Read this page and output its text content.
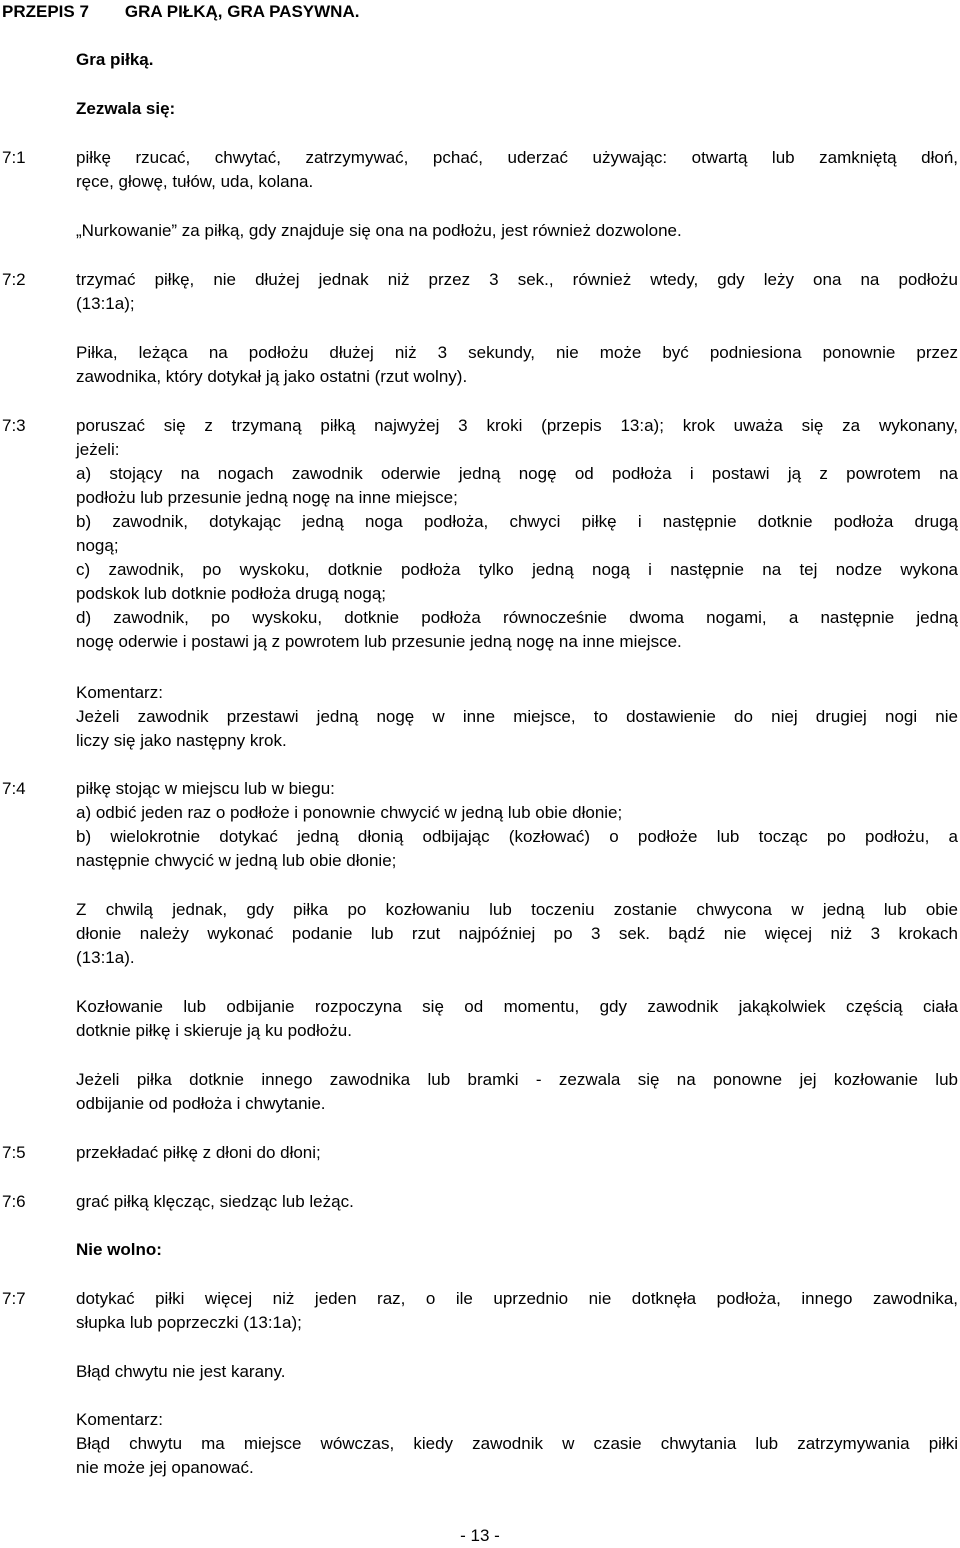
PRZEPIS 7 GRA PIŁKĄ, GRA PASYWNA.
Gra piłką.
Zezwala się:
7:1	piłkę rzucać, chwytać, zatrzymywać, pchać, uderzać używając: otwartą lub zamkniętą dłoń,
ręce, głowę, tułów, uda, kolana.
„Nurkowanie” za piłką, gdy znajduje się ona na podłożu, jest również dozwolone.
7:2	trzymać piłkę, nie dłużej jednak niż przez 3 sek., również wtedy, gdy leży ona na podłożu
(13:1a);
Piłka, leżąca na podłożu dłużej niż 3 sekundy, nie może być podniesiona ponownie przez
zawodnika, który dotykał ją jako ostatni (rzut wolny).
7:3	poruszać się z trzymaną piłką najwyżej 3 kroki (przepis 13:a); krok uważa się za wykonany,
jeżeli:
a) stojący na nogach zawodnik oderwie jedną nogę od podłoża i postawi ją z powrotem na
podłożu lub przesunie jedną nogę na inne miejsce;
b) zawodnik, dotykając jedną noga podłoża, chwyci piłkę i następnie dotknie podłoża drugą
nogą;
c) zawodnik, po wyskoku, dotknie podłoża tylko jedną nogą i następnie na tej nodze wykona
podskok lub dotknie podłoża drugą nogą;
d) zawodnik, po wyskoku, dotknie podłoża równocześnie dwoma nogami, a następnie jedną
nogę oderwie i postawi ją z powrotem lub przesunie jedną nogę na inne miejsce.
Komentarz:
Jeżeli zawodnik przestawi jedną nogę w inne miejsce, to dostawienie do niej drugiej nogi nie
liczy się jako następny krok.
7:4	piłkę stojąc w miejscu lub w biegu:
a) odbić jeden raz o podłoże i ponownie chwycić w jedną lub obie dłonie;
b) wielokrotnie dotykać jedną dłonią odbijając (kozłować) o podłoże lub tocząc po podłożu, a
następnie chwycić w jedną lub obie dłonie;
Z chwilą jednak, gdy piłka po kozłowaniu lub toczeniu zostanie chwycona w jedną lub obie
dłonie należy wykonać podanie lub rzut najpóźniej po 3 sek. bądź nie więcej niż 3 krokach
(13:1a).
Kozłowanie lub odbijanie rozpoczyna się od momentu, gdy zawodnik jakąkolwiek częścią ciała
dotknie piłkę i skieruje ją ku podłożu.
Jeżeli piłka dotknie innego zawodnika lub bramki - zezwala się na ponowne jej kozłowanie lub
odbijanie od podłoża i chwytanie.
7:5	przekładać piłkę z dłoni do dłoni;
7:6	grać piłką klęcząc, siedząc lub leżąc.
Nie wolno:
7:7	dotykać piłki więcej niż jeden raz, o ile uprzednio nie dotknęła podłoża, innego zawodnika,
słupka lub poprzeczki (13:1a);
Błąd chwytu nie jest karany.
Komentarz:
Błąd chwytu ma miejsce wówczas, kiedy zawodnik w czasie chwytania lub zatrzymywania piłki
nie może jej opanować.
- 13 -
